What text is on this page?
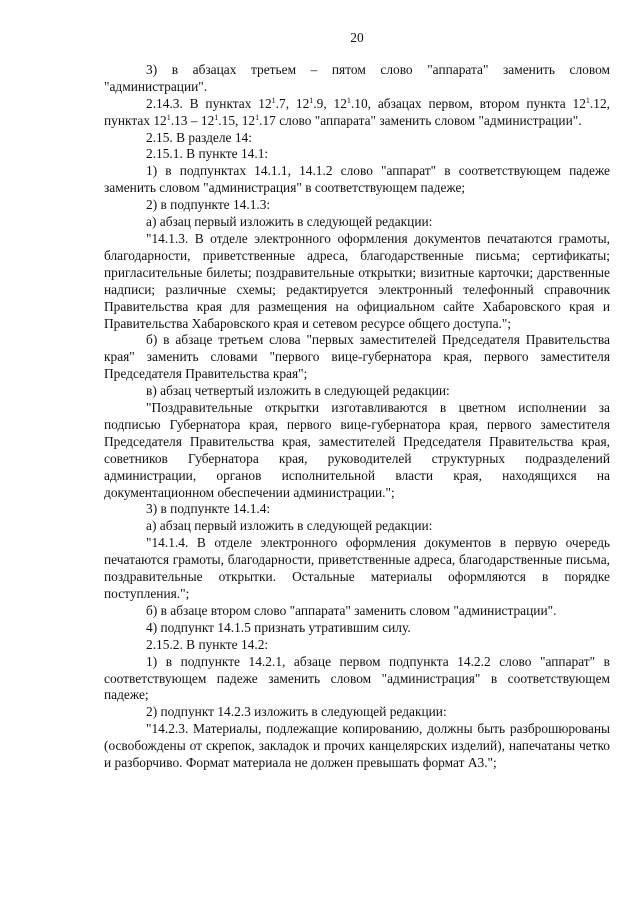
20

3) в абзацах третьем – пятом слово "аппарата" заменить словом "администрации".

2.14.3. В пунктах $12^1.7$, $12^1.9$, $12^1.10$, абзацах первом, втором пункта $12^1.12$, пунктах $12^1.13 - 12^1.15$, $12^1.17$ слово "аппарата" заменить словом "администрации".

2.15. В разделе 14:

2.15.1. В пункте 14.1:

1) в подпунктах 14.1.1, 14.1.2 слово "аппарат" в соответствующем падеже заменить словом "администрация" в соответствующем падеже;

2) в подпункте 14.1.3:

а) абзац первый изложить в следующей редакции:

"14.1.3. В отделе электронного оформления документов печатаются грамоты, благодарности, приветственные адреса, благодарственные письма; сертификаты; пригласительные билеты; поздравительные открытки; визитные карточки; дарственные надписи; различные схемы; редактируется электронный телефонный справочник Правительства края для размещения на официальном сайте Хабаровского края и Правительства Хабаровского края и сетевом ресурсе общего доступа.";

б) в абзаце третьем слова "первых заместителей Председателя Правительства края" заменить словами "первого вице-губернатора края, первого заместителя Председателя Правительства края";

в) абзац четвертый изложить в следующей редакции:

"Поздравительные открытки изготавливаются в цветном исполнении за подписью Губернатора края, первого вице-губернатора края, первого заместителя Председателя Правительства края, заместителей Председателя Правительства края, советников Губернатора края, руководителей структурных подразделений администрации, органов исполнительной власти края, находящихся на документационном обеспечении администрации.";

3) в подпункте 14.1.4:

а) абзац первый изложить в следующей редакции:

"14.1.4. В отделе электронного оформления документов в первую очередь печатаются грамоты, благодарности, приветственные адреса, благодарственные письма, поздравительные открытки. Остальные материалы оформляются в порядке поступления.";

б) в абзаце втором слово "аппарата" заменить словом "администрации".

4) подпункт 14.1.5 признать утратившим силу.

2.15.2. В пункте 14.2:

1) в подпункте 14.2.1, абзаце первом подпункта 14.2.2 слово "аппарат" в соответствующем падеже заменить словом "администрация" в соответствующем падеже;

2) подпункт 14.2.3 изложить в следующей редакции:

"14.2.3. Материалы, подлежащие копированию, должны быть разброшюрованы (освобождены от скрепок, закладок и прочих канцелярских изделий), напечатаны четко и разборчиво. Формат материала не должен превышать формат А3.";
